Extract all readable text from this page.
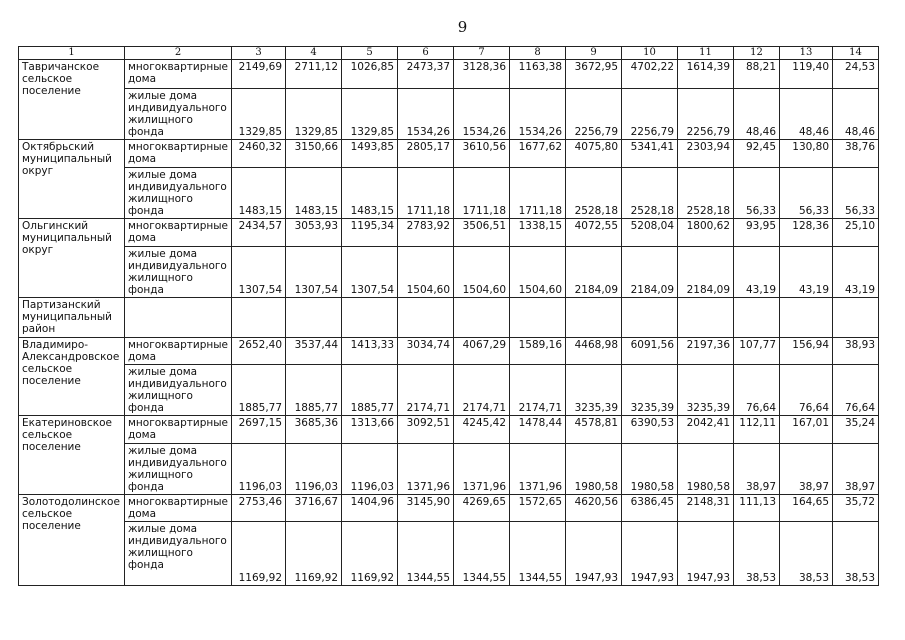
9
1	2	3	4	5	6	7	8	9	10	11	12	13	14
Тавричанское сельское поселение	многоквартирные дома	2149,69	2711,12	1026,85	2473,37	3128,36	1163,38	3672,95	4702,22	1614,39	88,21	119,40	24,53
	жилые дома индивидуального жилищного фонда	1329,85	1329,85	1329,85	1534,26	1534,26	1534,26	2256,79	2256,79	2256,79	48,46	48,46	48,46
Октябрьский муниципальный округ	многоквартирные дома	2460,32	3150,66	1493,85	2805,17	3610,56	1677,62	4075,80	5341,41	2303,94	92,45	130,80	38,76
	жилые дома индивидуального жилищного фонда	1483,15	1483,15	1483,15	1711,18	1711,18	1711,18	2528,18	2528,18	2528,18	56,33	56,33	56,33
Ольгинский муниципальный округ	многоквартирные дома	2434,57	3053,93	1195,34	2783,92	3506,51	1338,15	4072,55	5208,04	1800,62	93,95	128,36	25,10
	жилые дома индивидуального жилищного фонда	1307,54	1307,54	1307,54	1504,60	1504,60	1504,60	2184,09	2184,09	2184,09	43,19	43,19	43,19
Партизанский муниципальный район													
Владимиро-Александровское сельское поселение	многоквартирные дома	2652,40	3537,44	1413,33	3034,74	4067,29	1589,16	4468,98	6091,56	2197,36	107,77	156,94	38,93
	жилые дома индивидуального жилищного фонда	1885,77	1885,77	1885,77	2174,71	2174,71	2174,71	3235,39	3235,39	3235,39	76,64	76,64	76,64
Екатериновское сельское поселение	многоквартирные дома	2697,15	3685,36	1313,66	3092,51	4245,42	1478,44	4578,81	6390,53	2042,41	112,11	167,01	35,24
	жилые дома индивидуального жилищного фонда	1196,03	1196,03	1196,03	1371,96	1371,96	1371,96	1980,58	1980,58	1980,58	38,97	38,97	38,97
Золотодолинское сельское поселение	многоквартирные дома	2753,46	3716,67	1404,96	3145,90	4269,65	1572,65	4620,56	6386,45	2148,31	111,13	164,65	35,72
	жилые дома индивидуального жилищного фонда	1169,92	1169,92	1169,92	1344,55	1344,55	1344,55	1947,93	1947,93	1947,93	38,53	38,53	38,53
